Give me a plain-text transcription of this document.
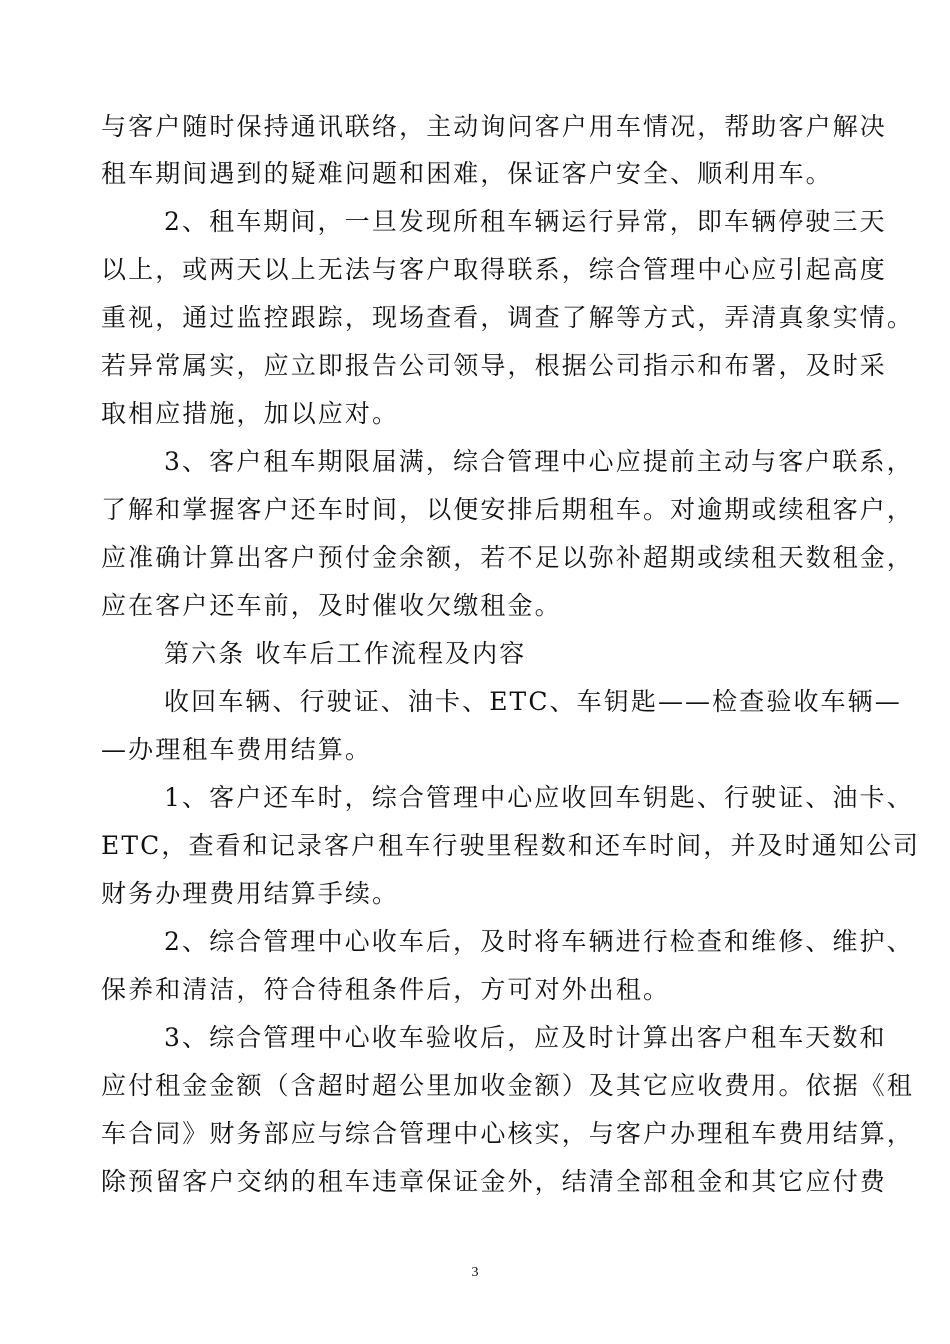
与客户随时保持通讯联络，主动询问客户用车情况，帮助客户解决
租车期间遇到的疑难问题和困难，保证客户安全、顺利用车。
2、租车期间，一旦发现所租车辆运行异常，即车辆停驶三天
以上，或两天以上无法与客户取得联系，综合管理中心应引起高度
重视，通过监控跟踪，现场查看，调查了解等方式，弄清真象实情。
若异常属实，应立即报告公司领导，根据公司指示和布署，及时采
取相应措施，加以应对。
3、客户租车期限届满，综合管理中心应提前主动与客户联系，
了解和掌握客户还车时间，以便安排后期租车。对逾期或续租客户，
应准确计算出客户预付金余额，若不足以弥补超期或续租天数租金，
应在客户还车前，及时催收欠缴租金。
第六条 收车后工作流程及内容
收回车辆、行驶证、油卡、ETC、车钥匙——检查验收车辆—
—办理租车费用结算。
1、客户还车时，综合管理中心应收回车钥匙、行驶证、油卡、
ETC，查看和记录客户租车行驶里程数和还车时间，并及时通知公司
财务办理费用结算手续。
2、综合管理中心收车后，及时将车辆进行检查和维修、维护、
保养和清洁，符合待租条件后，方可对外出租。
3、综合管理中心收车验收后，应及时计算出客户租车天数和
应付租金金额（含超时超公里加收金额）及其它应收费用。依据《租
车合同》财务部应与综合管理中心核实，与客户办理租车费用结算，
除预留客户交纳的租车违章保证金外，结清全部租金和其它应付费
3
